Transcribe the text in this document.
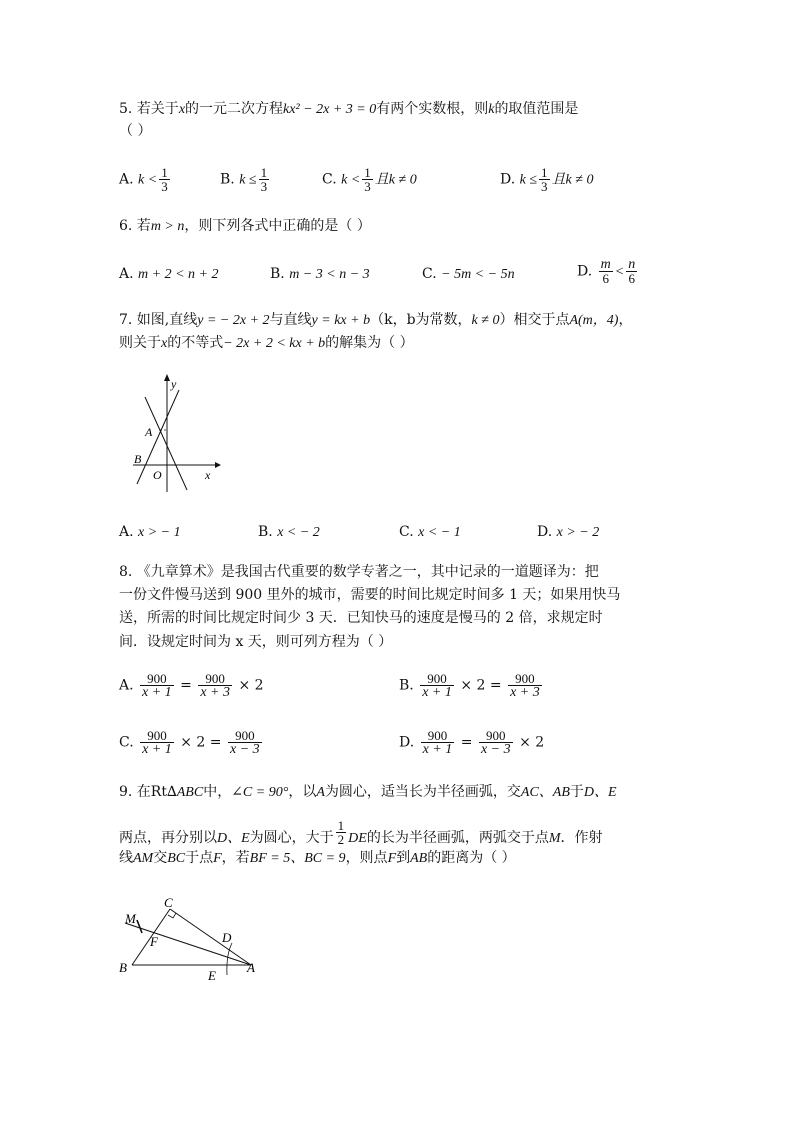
5. 若关于x的一元二次方程kx² − 2x + 3 = 0有两个实数根，则k的取值范围是
（ ）
A. $k < \frac{1}{3}$	B. $k \le \frac{1}{3}$	C. $k < \frac{1}{3}$ 且k ≠ 0	D. $k \le \frac{1}{3}$ 且k ≠ 0
6. 若m > n，则下列各式中正确的是（ ）
A. m + 2 < n + 2	B. m − 3 < n − 3	C. − 5m < − 5n	D. $\frac{m}{6} < \frac{n}{6}$
7. 如图,直线y = − 2x + 2与直线y = kx + b（k，b为常数，k ≠ 0）相交于点A(m，4)，
则关于x的不等式− 2x + 2 < kx + b的解集为（ ）
y
x
A
B
O
A. x > − 1	B. x < − 2	C. x < − 1	D. x > − 2
8. 《九章算术》是我国古代重要的数学专著之一，其中记录的一道题译为：把
一份文件慢马送到 900 里外的城市，需要的时间比规定时间多 1 天；如果用快马
送，所需的时间比规定时间少 3 天．已知快马的速度是慢马的 2 倍，求规定时
间．设规定时间为 x 天，则可列方程为（ ）
A. $\frac{900}{x + 1} = \frac{900}{x + 3} \times 2$	B. $\frac{900}{x + 1} \times 2 = \frac{900}{x + 3}$
C. $\frac{900}{x + 1} \times 2 = \frac{900}{x - 3}$	D. $\frac{900}{x + 1} = \frac{900}{x - 3} \times 2$
9. 在Rt∆ABC中，∠C = 90°，以A为圆心，适当长为半径画弧，交AC、AB于D、E
两点，再分别以D、E为圆心，大于 $\frac{1}{2}$ DE的长为半径画弧，两弧交于点M．作射
线AM交BC于点F，若BF = 5、BC = 9，则点F到AB的距离为（ ）
C
M
D
F
B
E
A
